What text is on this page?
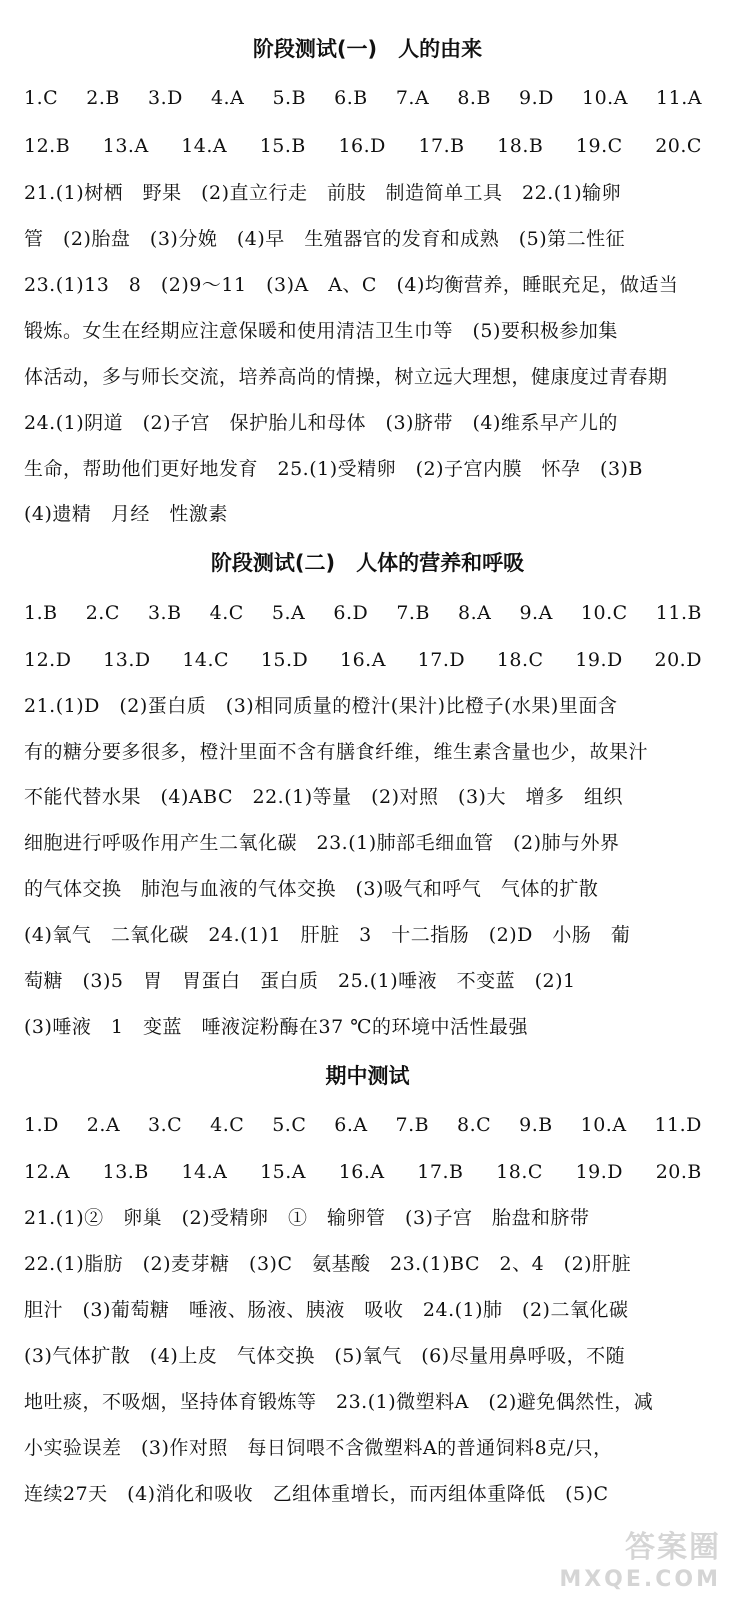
阶段测试(一)　人的由来
1.C 2.B 3.D 4.A 5.B 6.B 7.A 8.B 9.D 10.A 11.A
12.B 13.A 14.A 15.B 16.D 17.B 18.B 19.C 20.C
21.(1)树栖　野果　(2)直立行走　前肢　制造简单工具　22.(1)输卵
管　(2)胎盘　(3)分娩　(4)早　生殖器官的发育和成熟　(5)第二性征
23.(1)13　8　(2)9～11　(3)A　A、C　(4)均衡营养，睡眠充足，做适当
锻炼。女生在经期应注意保暖和使用清洁卫生巾等　(5)要积极参加集
体活动，多与师长交流，培养高尚的情操，树立远大理想，健康度过青春期
24.(1)阴道　(2)子宫　保护胎儿和母体　(3)脐带　(4)维系早产儿的
生命，帮助他们更好地发育　25.(1)受精卵　(2)子宫内膜　怀孕　(3)B
(4)遗精　月经　性激素
阶段测试(二)　人体的营养和呼吸
1.B 2.C 3.B 4.C 5.A 6.D 7.B 8.A 9.A 10.C 11.B
12.D 13.D 14.C 15.D 16.A 17.D 18.C 19.D 20.D
21.(1)D　(2)蛋白质　(3)相同质量的橙汁(果汁)比橙子(水果)里面含
有的糖分要多很多，橙汁里面不含有膳食纤维，维生素含量也少，故果汁
不能代替水果　(4)ABC　22.(1)等量　(2)对照　(3)大　增多　组织
细胞进行呼吸作用产生二氧化碳　23.(1)肺部毛细血管　(2)肺与外界
的气体交换　肺泡与血液的气体交换　(3)吸气和呼气　气体的扩散
(4)氧气　二氧化碳　24.(1)1　肝脏　3　十二指肠　(2)D　小肠　葡
萄糖　(3)5　胃　胃蛋白　蛋白质　25.(1)唾液　不变蓝　(2)1
(3)唾液　1　变蓝　唾液淀粉酶在37 ℃的环境中活性最强
期中测试
1.D 2.A 3.C 4.C 5.C 6.A 7.B 8.C 9.B 10.A 11.D
12.A 13.B 14.A 15.A 16.A 17.B 18.C 19.D 20.B
21.(1)②　卵巢　(2)受精卵　①　输卵管　(3)子宫　胎盘和脐带
22.(1)脂肪　(2)麦芽糖　(3)C　氨基酸　23.(1)BC　2、4　(2)肝脏
胆汁　(3)葡萄糖　唾液、肠液、胰液　吸收　24.(1)肺　(2)二氧化碳
(3)气体扩散　(4)上皮　气体交换　(5)氧气　(6)尽量用鼻呼吸，不随
地吐痰，不吸烟，坚持体育锻炼等　23.(1)微塑料A　(2)避免偶然性，减
小实验误差　(3)作对照　每日饲喂不含微塑料A的普通饲料8克/只，
连续27天　(4)消化和吸收　乙组体重增长，而丙组体重降低　(5)C
答案圈
MXQE.COM
